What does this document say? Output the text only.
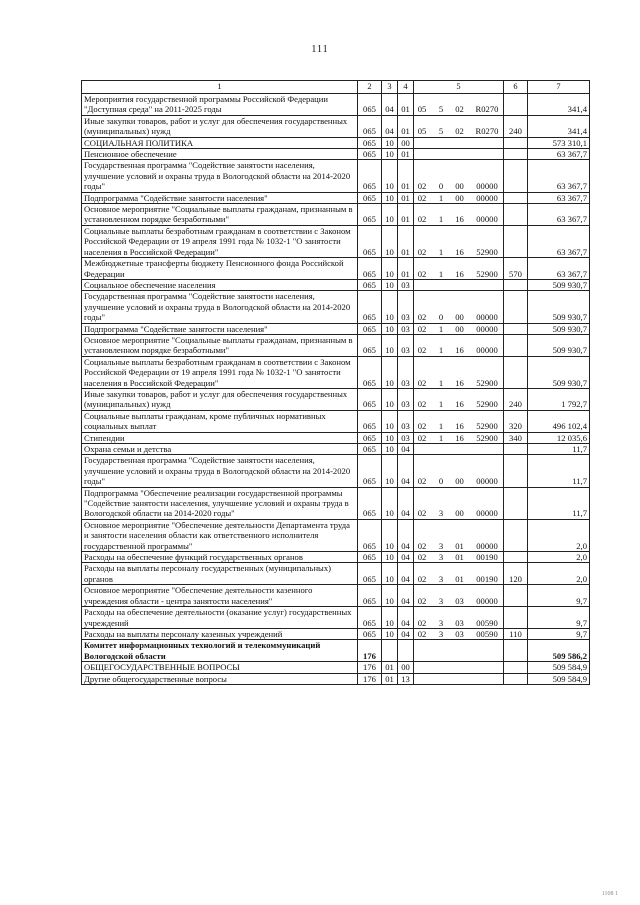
111
1	2	3	4	5	6	7
Мероприятия государственной программы Российской Федерации "Доступная среда" на 2011-2025 годы	065	04	01	05 5 02 R0270		341,4
Иные закупки товаров, работ и услуг для обеспечения государственных (муниципальных) нужд	065	04	01	05 5 02 R0270	240	341,4
СОЦИАЛЬНАЯ ПОЛИТИКА	065	10	00			573 310,1
Пенсионное обеспечение	065	10	01			63 367,7
Государственная программа "Содействие занятости населения, улучшение условий и охраны труда в Вологодской области на 2014-2020 годы"	065	10	01	02 0 00 00000		63 367,7
Подпрограмма "Содействие занятости населения"	065	10	01	02 1 00 00000		63 367,7
Основное мероприятие "Социальные выплаты гражданам, признанным в установленном порядке безработными"	065	10	01	02 1 16 00000		63 367,7
Социальные выплаты безработным гражданам в соответствии с Законом Российской Федерации от 19 апреля 1991 года № 1032-1 "О занятости населения в Российской Федерации"	065	10	01	02 1 16 52900		63 367,7
Межбюджетные трансферты бюджету Пенсионного фонда Российской Федерации	065	10	01	02 1 16 52900	570	63 367,7
Социальное обеспечение населения	065	10	03			509 930,7
Государственная программа "Содействие занятости населения, улучшение условий и охраны труда в Вологодской области на 2014-2020 годы"	065	10	03	02 0 00 00000		509 930,7
Подпрограмма "Содействие занятости населения"	065	10	03	02 1 00 00000		509 930,7
Основное мероприятие "Социальные выплаты гражданам, признанным в установленном порядке безработными"	065	10	03	02 1 16 00000		509 930,7
Социальные выплаты безработным гражданам в соответствии с Законом Российской Федерации от 19 апреля 1991 года № 1032-1 "О занятости населения в Российской Федерации"	065	10	03	02 1 16 52900		509 930,7
Иные закупки товаров, работ и услуг для обеспечения государственных (муниципальных) нужд	065	10	03	02 1 16 52900	240	1 792,7
Социальные выплаты гражданам, кроме публичных нормативных социальных выплат	065	10	03	02 1 16 52900	320	496 102,4
Стипендии	065	10	03	02 1 16 52900	340	12 035,6
Охрана семьи и детства	065	10	04			11,7
Государственная программа "Содействие занятости населения, улучшение условий и охраны труда в Вологодской области на 2014-2020 годы"	065	10	04	02 0 00 00000		11,7
Подпрограмма "Обеспечение реализации государственной программы "Содействие занятости населения, улучшение условий и охраны труда в Вологодской области на 2014-2020 годы"	065	10	04	02 3 00 00000		11,7
Основное мероприятие "Обеспечение деятельности Департамента труда и занятости населения области как ответственного исполнителя государственной программы"	065	10	04	02 3 01 00000		2,0
Расходы на обеспечение функций государственных органов	065	10	04	02 3 01 00190		2,0
Расходы на выплаты персоналу государственных (муниципальных) органов	065	10	04	02 3 01 00190	120	2,0
Основное мероприятие "Обеспечение деятельности казенного учреждения области - центра занятости населения"	065	10	04	02 3 03 00000		9,7
Расходы на обеспечение деятельности (оказание услуг) государственных учреждений	065	10	04	02 3 03 00590		9,7
Расходы на выплаты персоналу казенных учреждений	065	10	04	02 3 03 00590	110	9,7
Комитет информационных технологий и телекоммуникаций Вологодской области	176					509 586,2
ОБЩЕГОСУДАРСТВЕННЫЕ ВОПРОСЫ	176	01	00			509 584,9
Другие общегосударственные вопросы	176	01	13			509 584,9
1108 1
